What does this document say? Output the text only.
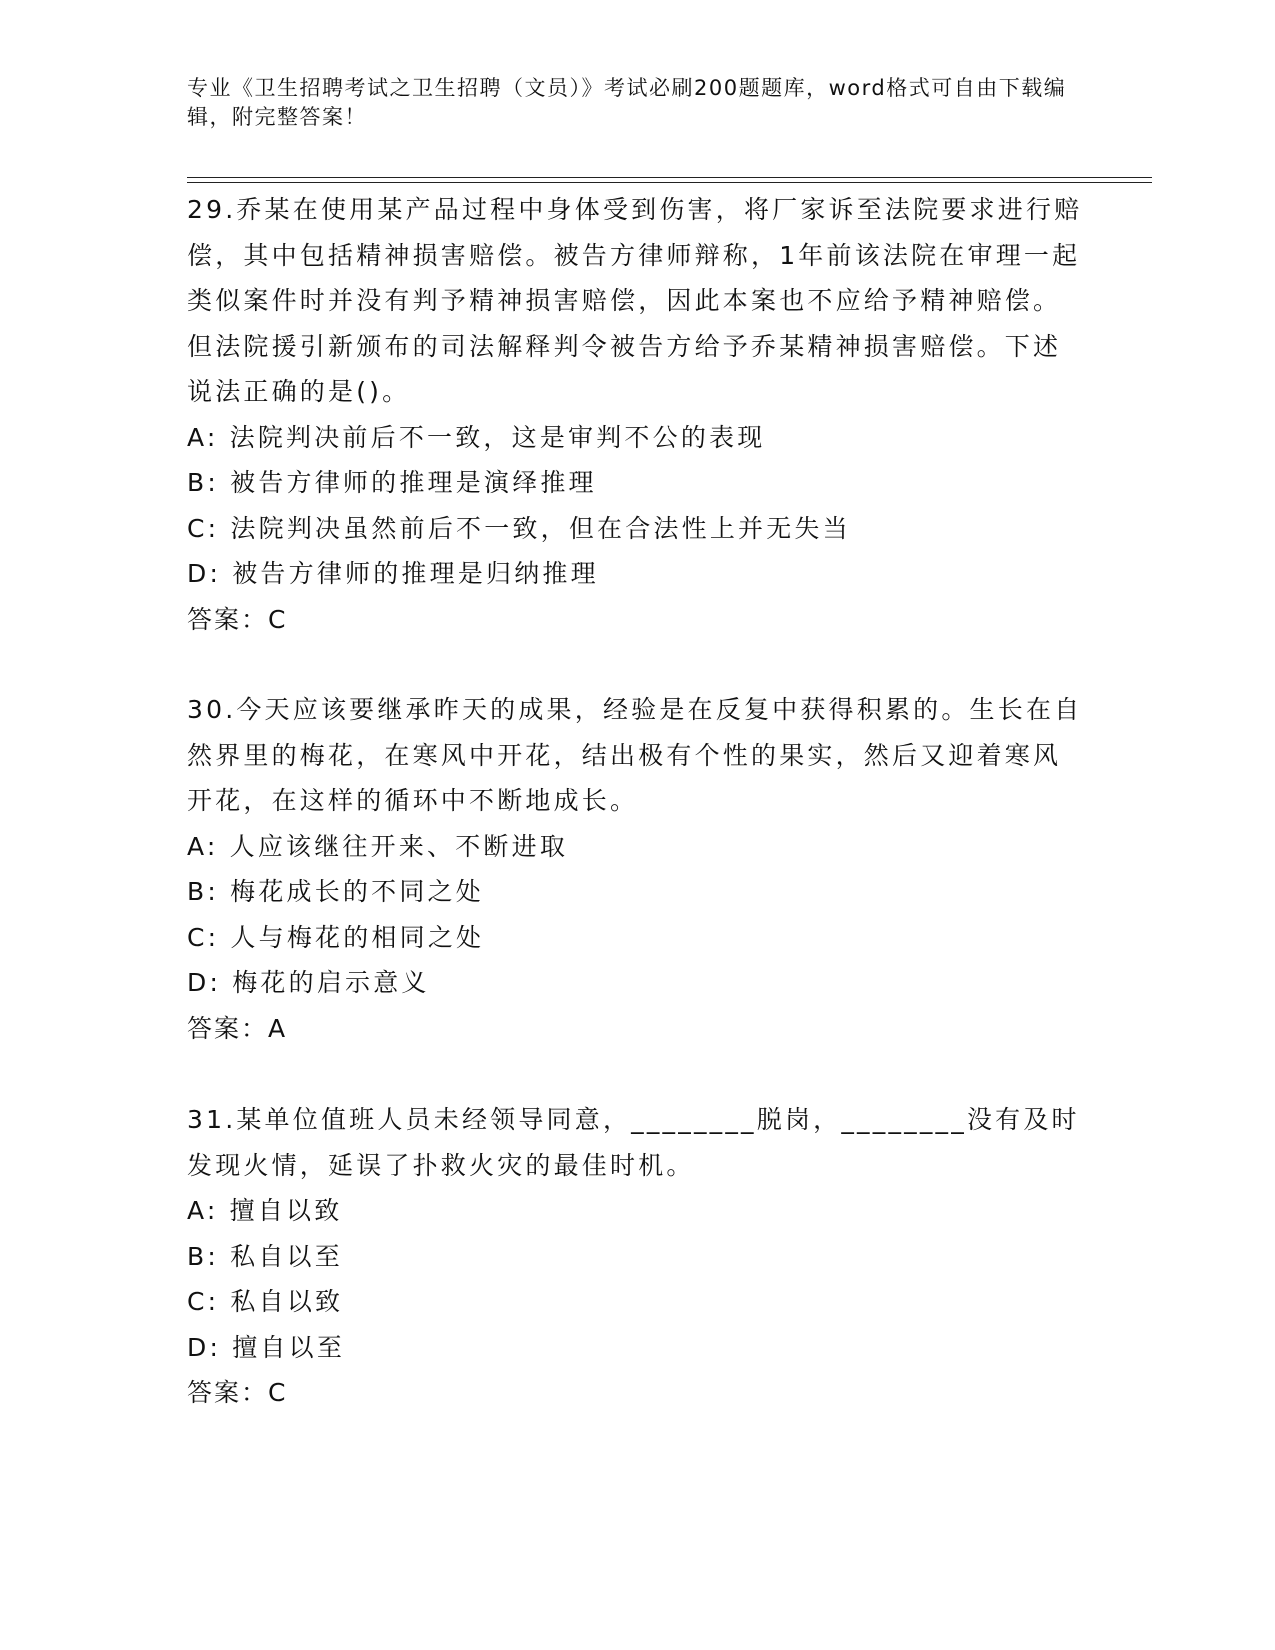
专业《卫生招聘考试之卫生招聘（文员）》考试必刷200题题库，word格式可自由下载编辑，附完整答案！
29.乔某在使用某产品过程中身体受到伤害，将厂家诉至法院要求进行赔偿，其中包括精神损害赔偿。被告方律师辩称，1年前该法院在审理一起类似案件时并没有判予精神损害赔偿，因此本案也不应给予精神赔偿。但法院援引新颁布的司法解释判令被告方给予乔某精神损害赔偿。下述说法正确的是()。
A: 法院判决前后不一致，这是审判不公的表现
B: 被告方律师的推理是演绎推理
C: 法院判决虽然前后不一致，但在合法性上并无失当
D: 被告方律师的推理是归纳推理
答案：C
30.今天应该要继承昨天的成果，经验是在反复中获得积累的。生长在自然界里的梅花，在寒风中开花，结出极有个性的果实，然后又迎着寒风开花，在这样的循环中不断地成长。
A: 人应该继往开来、不断进取
B: 梅花成长的不同之处
C: 人与梅花的相同之处
D: 梅花的启示意义
答案：A
31.某单位值班人员未经领导同意，________脱岗，________没有及时发现火情，延误了扑救火灾的最佳时机。
A: 擅自以致
B: 私自以至
C: 私自以致
D: 擅自以至
答案：C
